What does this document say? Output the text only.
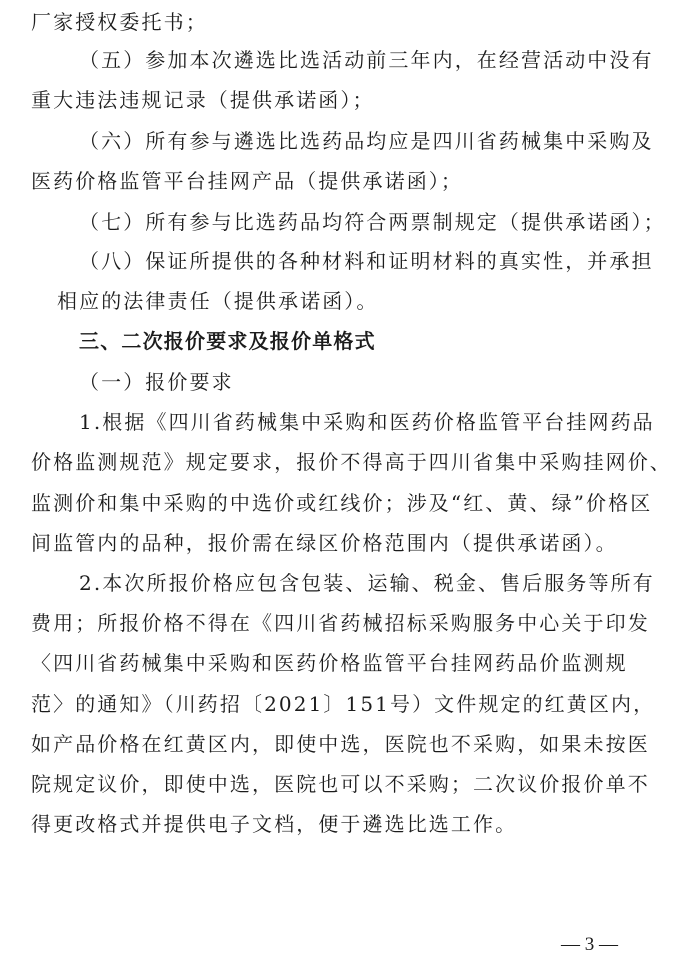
厂家授权委托书；
（五）参加本次遴选比选活动前三年内，在经营活动中没有
重大违法违规记录（提供承诺函）；
（六）所有参与遴选比选药品均应是四川省药械集中采购及
医药价格监管平台挂网产品（提供承诺函）；
（七）所有参与比选药品均符合两票制规定（提供承诺函）；
（八）保证所提供的各种材料和证明材料的真实性，并承担
相应的法律责任（提供承诺函）。
三、二次报价要求及报价单格式
（一）报价要求
1.根据《四川省药械集中采购和医药价格监管平台挂网药品
价格监测规范》规定要求，报价不得高于四川省集中采购挂网价、
监测价和集中采购的中选价或红线价；涉及“红、黄、绿”价格区
间监管内的品种，报价需在绿区价格范围内（提供承诺函）。
2.本次所报价格应包含包装、运输、税金、售后服务等所有
费用；所报价格不得在《四川省药械招标采购服务中心关于印发
〈四川省药械集中采购和医药价格监管平台挂网药品价监测规
范〉的通知》（川药招〔2021〕151号）文件规定的红黄区内，
如产品价格在红黄区内，即使中选，医院也不采购，如果未按医
院规定议价，即使中选，医院也可以不采购；二次议价报价单不
得更改格式并提供电子文档，便于遴选比选工作。
— 3 —
